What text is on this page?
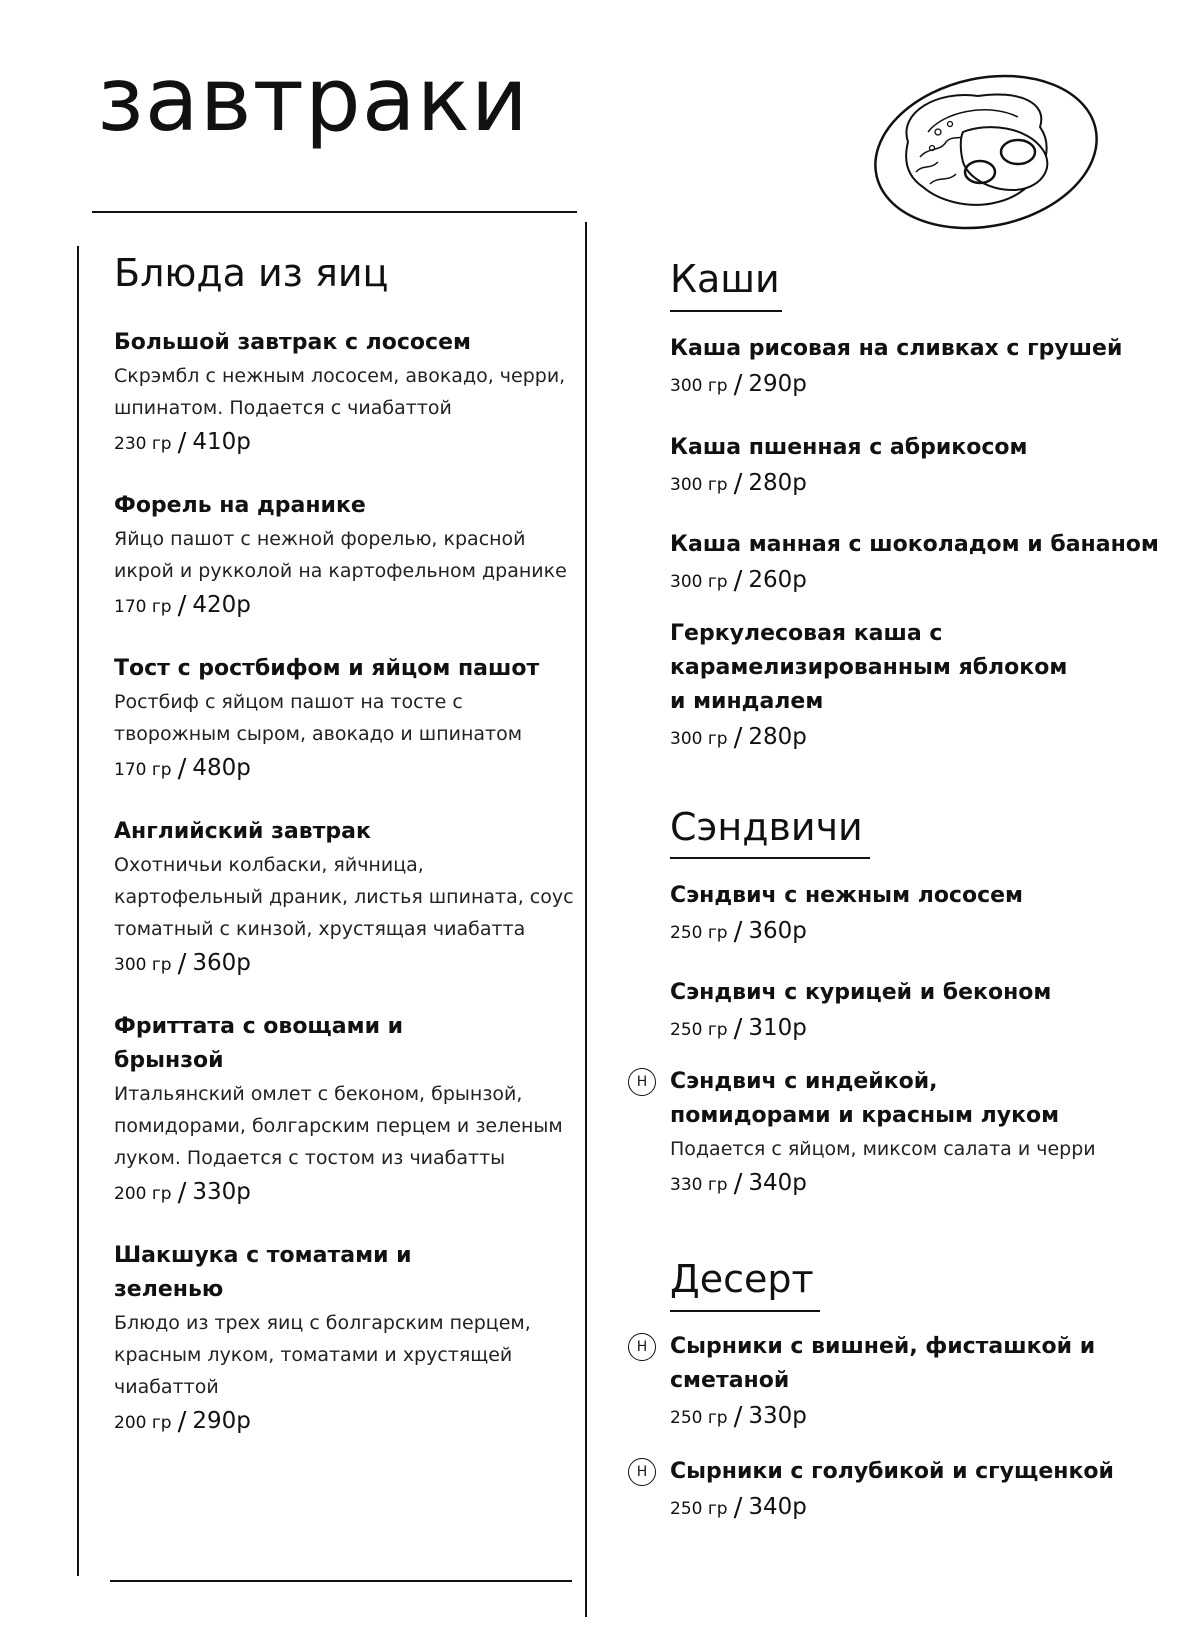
завтраки
Блюда из яиц
Большой завтрак с лососем
Скрэмбл с нежным лососем, авокадо, черри, шпинатом. Подается с чиабаттой
230 гр / 410р
Форель на дранике
Яйцо пашот с нежной форелью, красной икрой и рукколой на картофельном дранике
170 гр / 420р
Тост с ростбифом и яйцом пашот
Ростбиф с яйцом пашот на тосте с творожным сыром, авокадо и шпинатом
170 гр / 480р
Английский завтрак
Охотничьи колбаски, яйчница, картофельный драник, листья шпината, соус томатный с кинзой, хрустящая чиабатта
300 гр / 360р
Фриттата с овощами и брынзой
Итальянский омлет с беконом, брынзой, помидорами, болгарским перцем и зеленым луком. Подается с тостом из чиабатты
200 гр / 330р
Шакшука с томатами и зеленью
Блюдо из трех яиц с болгарским перцем, красным луком, томатами и хрустящей чиабаттой
200 гр / 290р
Каши
Каша рисовая на сливках с грушей
300 гр / 290р
Каша пшенная с абрикосом
300 гр / 280р
Каша манная с шоколадом и бананом
300 гр / 260р
Геркулесовая каша с карамелизированным яблоком и миндалем
300 гр / 280р
Сэндвичи
Сэндвич с нежным лососем
250 гр / 360р
Сэндвич с курицей и беконом
250 гр / 310р
Н	Сэндвич с индейкой, помидорами и красным луком
Подается с яйцом, миксом салата и черри
330 гр / 340р
Десерт
Н	Сырники с вишней, фисташкой и сметаной
250 гр / 330р
Н	Сырники с голубикой и сгущенкой
250 гр / 340р
